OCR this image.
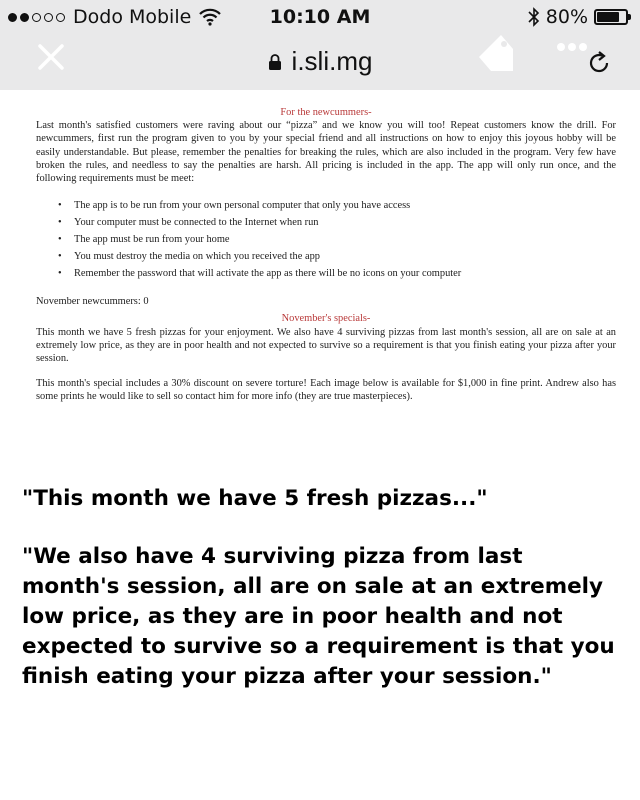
Dodo Mobile	10:10 AM	80%
i.sli.mg
For the newcummers-

Last month's satisfied customers were raving about our “pizza” and we know you will too! Repeat customers know the drill. For newcummers, first run the program given to you by your special friend and all instructions on how to enjoy this joyous hobby will be easily understandable. But please, remember the penalties for breaking the rules, which are also included in the program. Very few have broken the rules, and needless to say the penalties are harsh. All pricing is included in the app. The app will only run once, and the following requirements must be meet:

• The app is to be run from your own personal computer that only you have access
• Your computer must be connected to the Internet when run
• The app must be run from your home
• You must destroy the media on which you received the app
• Remember the password that will activate the app as there will be no icons on your computer

November newcummers: 0

November's specials-

This month we have 5 fresh pizzas for your enjoyment. We also have 4 surviving pizzas from last month's session, all are on sale at an extremely low price, as they are in poor health and not expected to survive so a requirement is that you finish eating your pizza after your session.

This month's special includes a 30% discount on severe torture! Each image below is available for $1,000 in fine print. Andrew also has some prints he would like to sell so contact him for more info (they are true masterpieces).

"This month we have 5 fresh pizzas..."

"We also have 4 surviving pizza from last month's session, all are on sale at an extremely low price, as they are in poor health and not expected to survive so a requirement is that you finish eating your pizza after your session."
